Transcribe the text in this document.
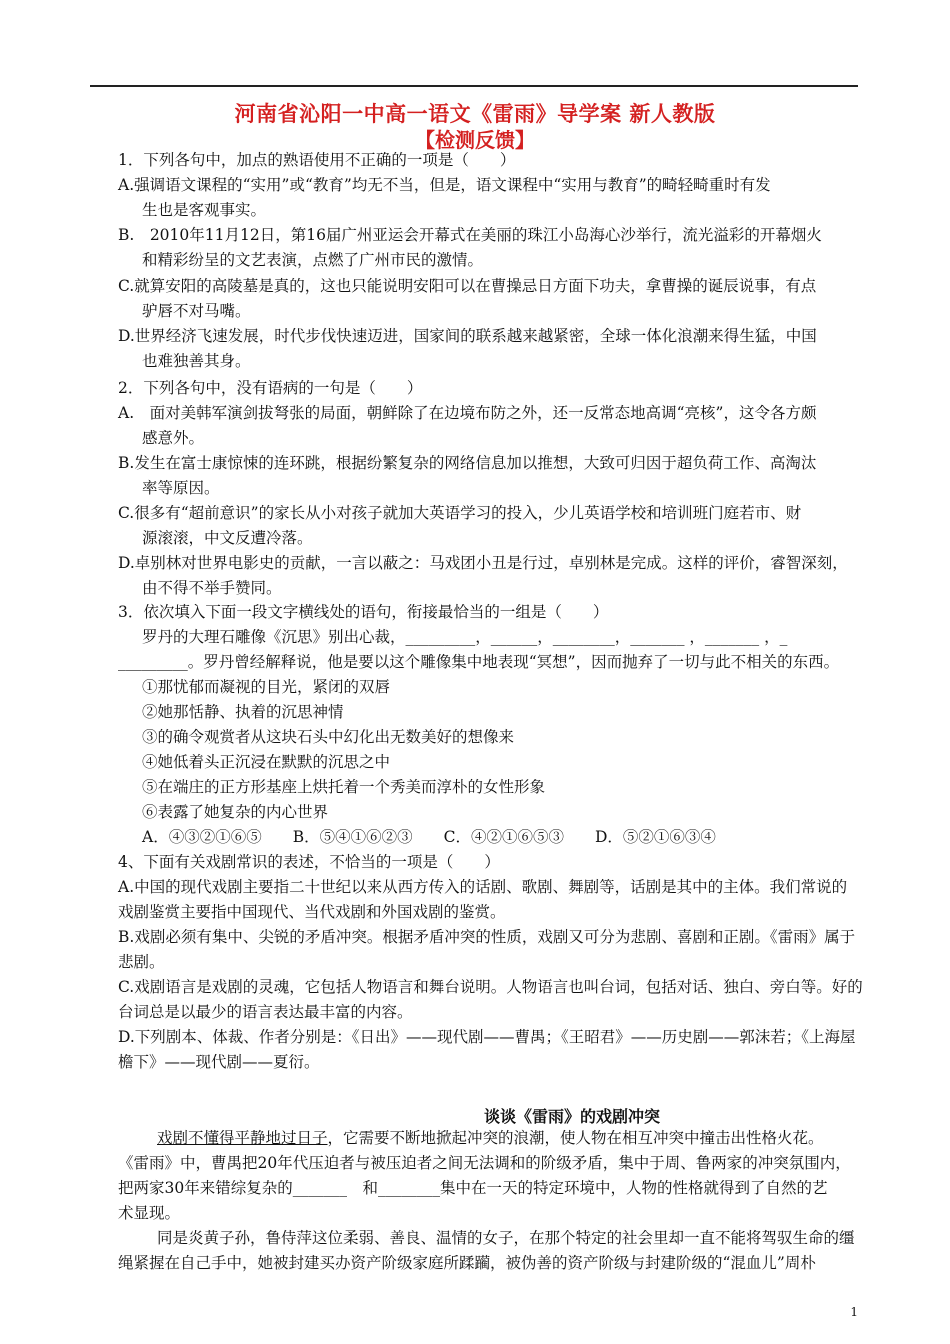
河南省沁阳一中高一语文《雷雨》导学案 新人教版
【检测反馈】
1．下列各句中，加点的熟语使用不正确的一项是（　　）
A.强调语文课程的“实用”或“教育”均无不当，但是，语文课程中“实用与教育”的畸轻畸重时有发
生也是客观事实。
B.　2010年11月12日，第16届广州亚运会开幕式在美丽的珠江小岛海心沙举行，流光溢彩的开幕烟火
和精彩纷呈的文艺表演，点燃了广州市民的激情。
C.就算安阳的高陵墓是真的，这也只能说明安阳可以在曹操忌日方面下功夫，拿曹操的诞辰说事，有点
驴唇不对马嘴。
D.世界经济飞速发展，时代步伐快速迈进，国家间的联系越来越紧密，全球一体化浪潮来得生猛，中国
也难独善其身。
2．下列各句中，没有语病的一句是（　　）
A.　面对美韩军演剑拔弩张的局面，朝鲜除了在边境布防之外，还一反常态地高调“亮核”，这令各方颇
感意外。
B.发生在富士康惊悚的连环跳，根据纷繁复杂的网络信息加以推想，大致可归因于超负荷工作、高淘汰
率等原因。
C.很多有“超前意识”的家长从小对孩子就加大英语学习的投入，少儿英语学校和培训班门庭若市、财
源滚滚，中文反遭冷落。
D.卓别林对世界电影史的贡献，一言以蔽之：马戏团小丑是行过，卓别林是完成。这样的评价，睿智深刻，
由不得不举手赞同。
3．依次填入下面一段文字横线处的语句，衔接最恰当的一组是（　　）
罗丹的大理石雕像《沉思》别出心裁，_________，______，________，_______ ，_______ ，_
_________。罗丹曾经解释说，他是要以这个雕像集中地表现“冥想”，因而抛弃了一切与此不相关的东西。
①那忧郁而凝视的目光，紧闭的双唇
②她那恬静、执着的沉思神情
③的确令观赏者从这块石头中幻化出无数美好的想像来
④她低着头正沉浸在默默的沉思之中
⑤在端庄的正方形基座上烘托着一个秀美而淳朴的女性形象
⑥表露了她复杂的内心世界
A．④③②①⑥⑤　　B．⑤④①⑥②③　　C．④②①⑥⑤③　　D．⑤②①⑥③④
4、下面有关戏剧常识的表述，不恰当的一项是（　　）
A.中国的现代戏剧主要指二十世纪以来从西方传入的话剧、歌剧、舞剧等，话剧是其中的主体。我们常说的
戏剧鉴赏主要指中国现代、当代戏剧和外国戏剧的鉴赏。
B.戏剧必须有集中、尖锐的矛盾冲突。根据矛盾冲突的性质，戏剧又可分为悲剧、喜剧和正剧。《雷雨》属于
悲剧。
C.戏剧语言是戏剧的灵魂，它包括人物语言和舞台说明。人物语言也叫台词，包括对话、独白、旁白等。好的
台词总是以最少的语言表达最丰富的内容。
D.下列剧本、体裁、作者分别是：《日出》——现代剧——曹禺；《王昭君》——历史剧——郭沫若；《上海屋
檐下》——现代剧——夏衍。
谈谈《雷雨》的戏剧冲突
戏剧不懂得平静地过日子，它需要不断地掀起冲突的浪潮，使人物在相互冲突中撞击出性格火花。
《雷雨》中，曹禺把20年代压迫者与被压迫者之间无法调和的阶级矛盾，集中于周、鲁两家的冲突氛围内，
把两家30年来错综复杂的_______　和________集中在一天的特定环境中，人物的性格就得到了自然的艺
术显现。
同是炎黄子孙，鲁侍萍这位柔弱、善良、温情的女子，在那个特定的社会里却一直不能将驾驭生命的缰
绳紧握在自己手中，她被封建买办资产阶级家庭所蹂躏，被伪善的资产阶级与封建阶级的“混血儿”周朴
1
